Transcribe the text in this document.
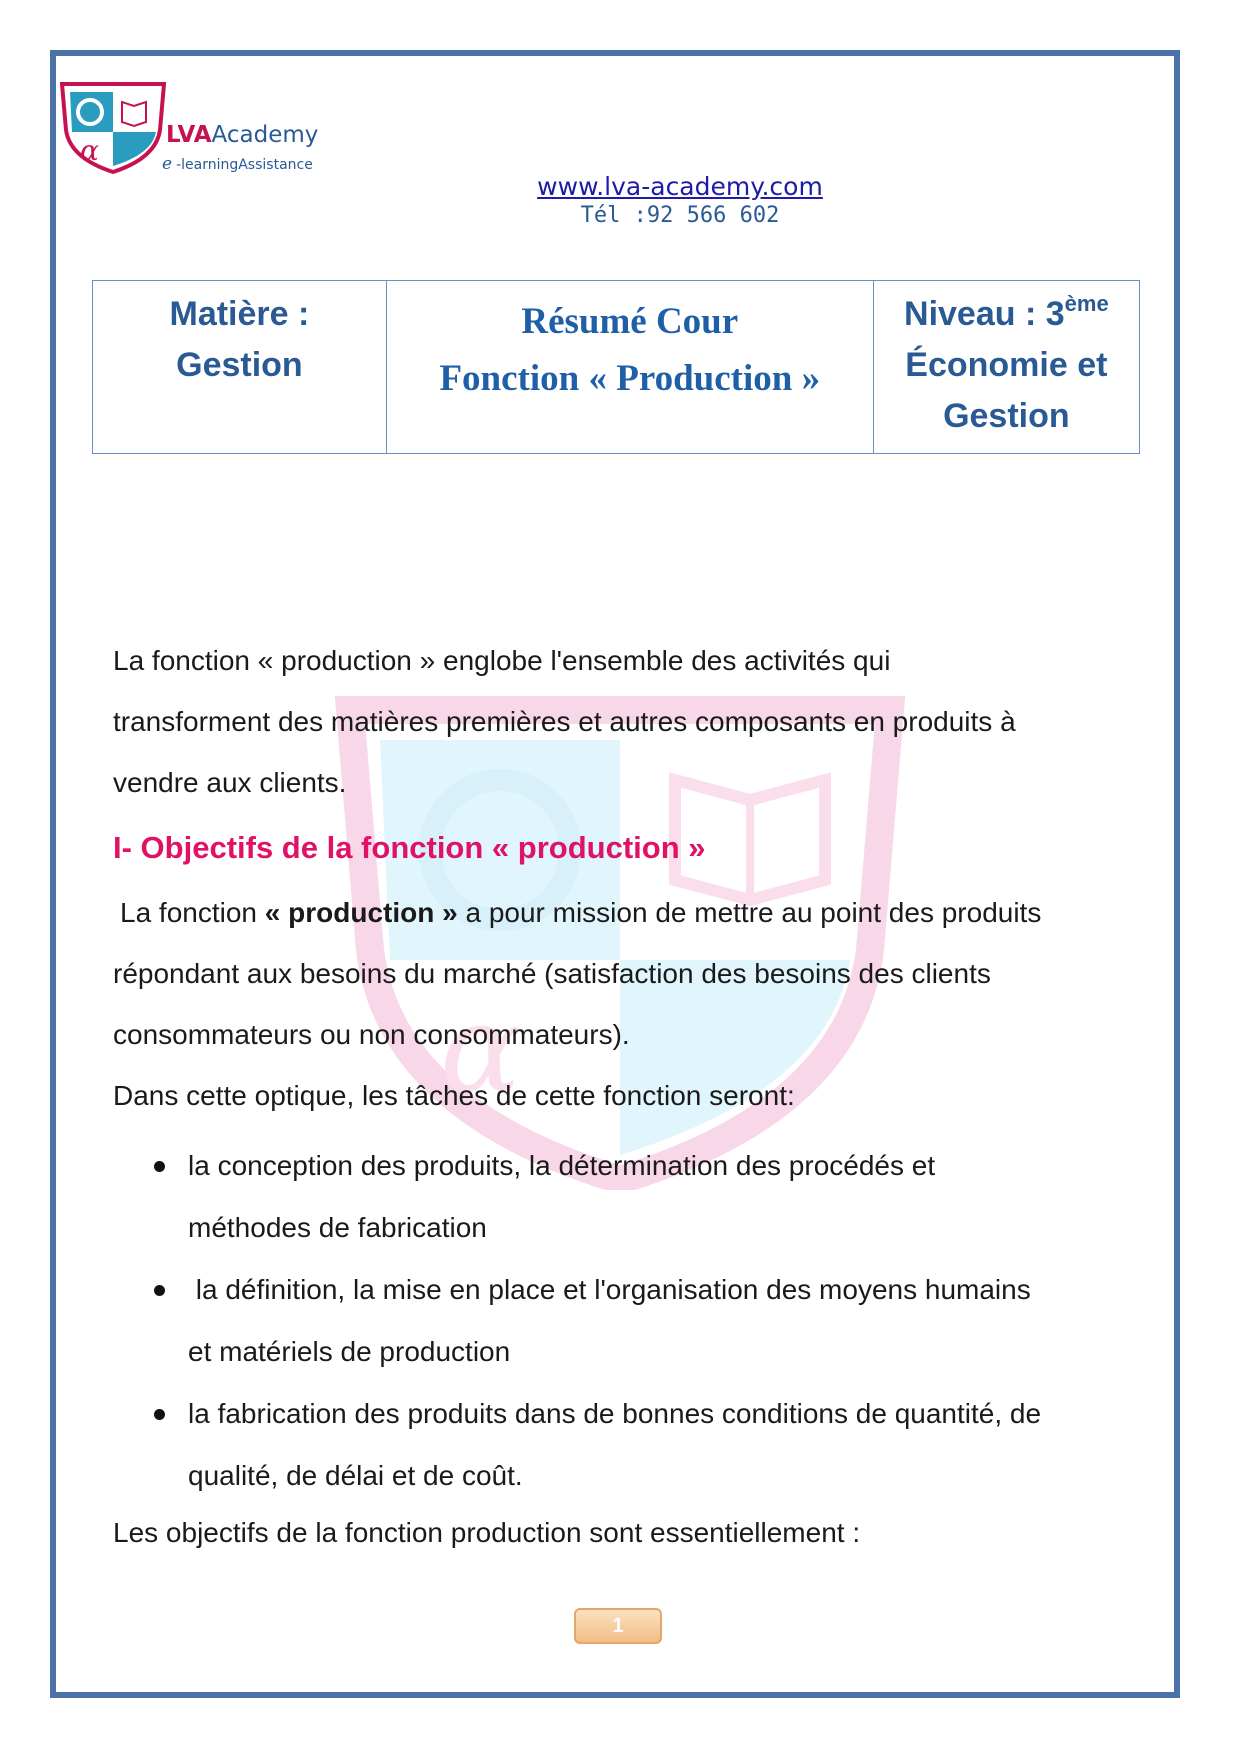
α
α	LVAAcademy
e -learningAssistance
www.lva-academy.com
Tél :92 566 602
Matière :
Gestion

Résumé Cour
Fonction « Production »

Niveau : 3ème
Économie et
Gestion
La fonction « production » englobe l'ensemble des activités qui
transforment des matières premières et autres composants en produits à
vendre aux clients.
I- Objectifs de la fonction « production »
La fonction « production » a pour mission de mettre au point des produits
répondant aux besoins du marché (satisfaction des besoins des clients
consommateurs ou non consommateurs).
Dans cette optique, les tâches de cette fonction seront:
la conception des produits, la détermination des procédés et
méthodes de fabrication
la définition, la mise en place et l'organisation des moyens humains
et matériels de production
la fabrication des produits dans de bonnes conditions de quantité, de
qualité, de délai et de coût.
Les objectifs de la fonction production sont essentiellement :
1
